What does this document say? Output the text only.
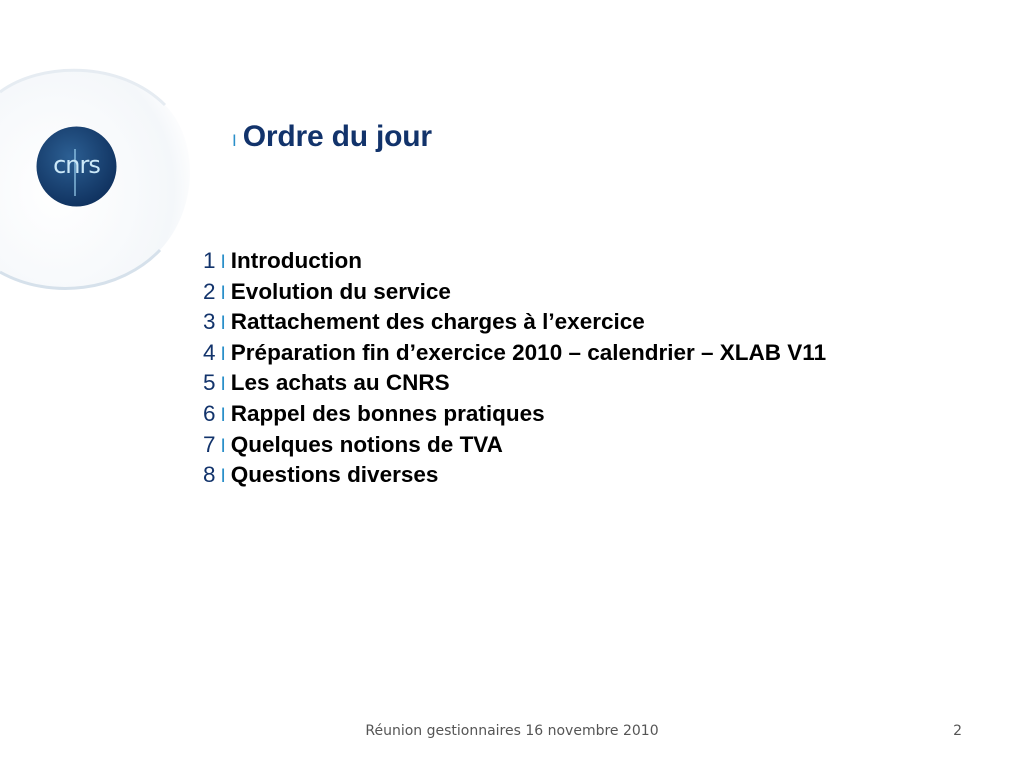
cnrs
I Ordre du jour
1 I Introduction
2 I Evolution du service
3 I Rattachement des charges à l’exercice
4 I Préparation fin d’exercice 2010 – calendrier – XLAB V11
5 I Les achats au CNRS
6 I Rappel des bonnes pratiques
7 I Quelques notions de TVA
8 I Questions diverses
Réunion gestionnaires 16 novembre 2010	2
